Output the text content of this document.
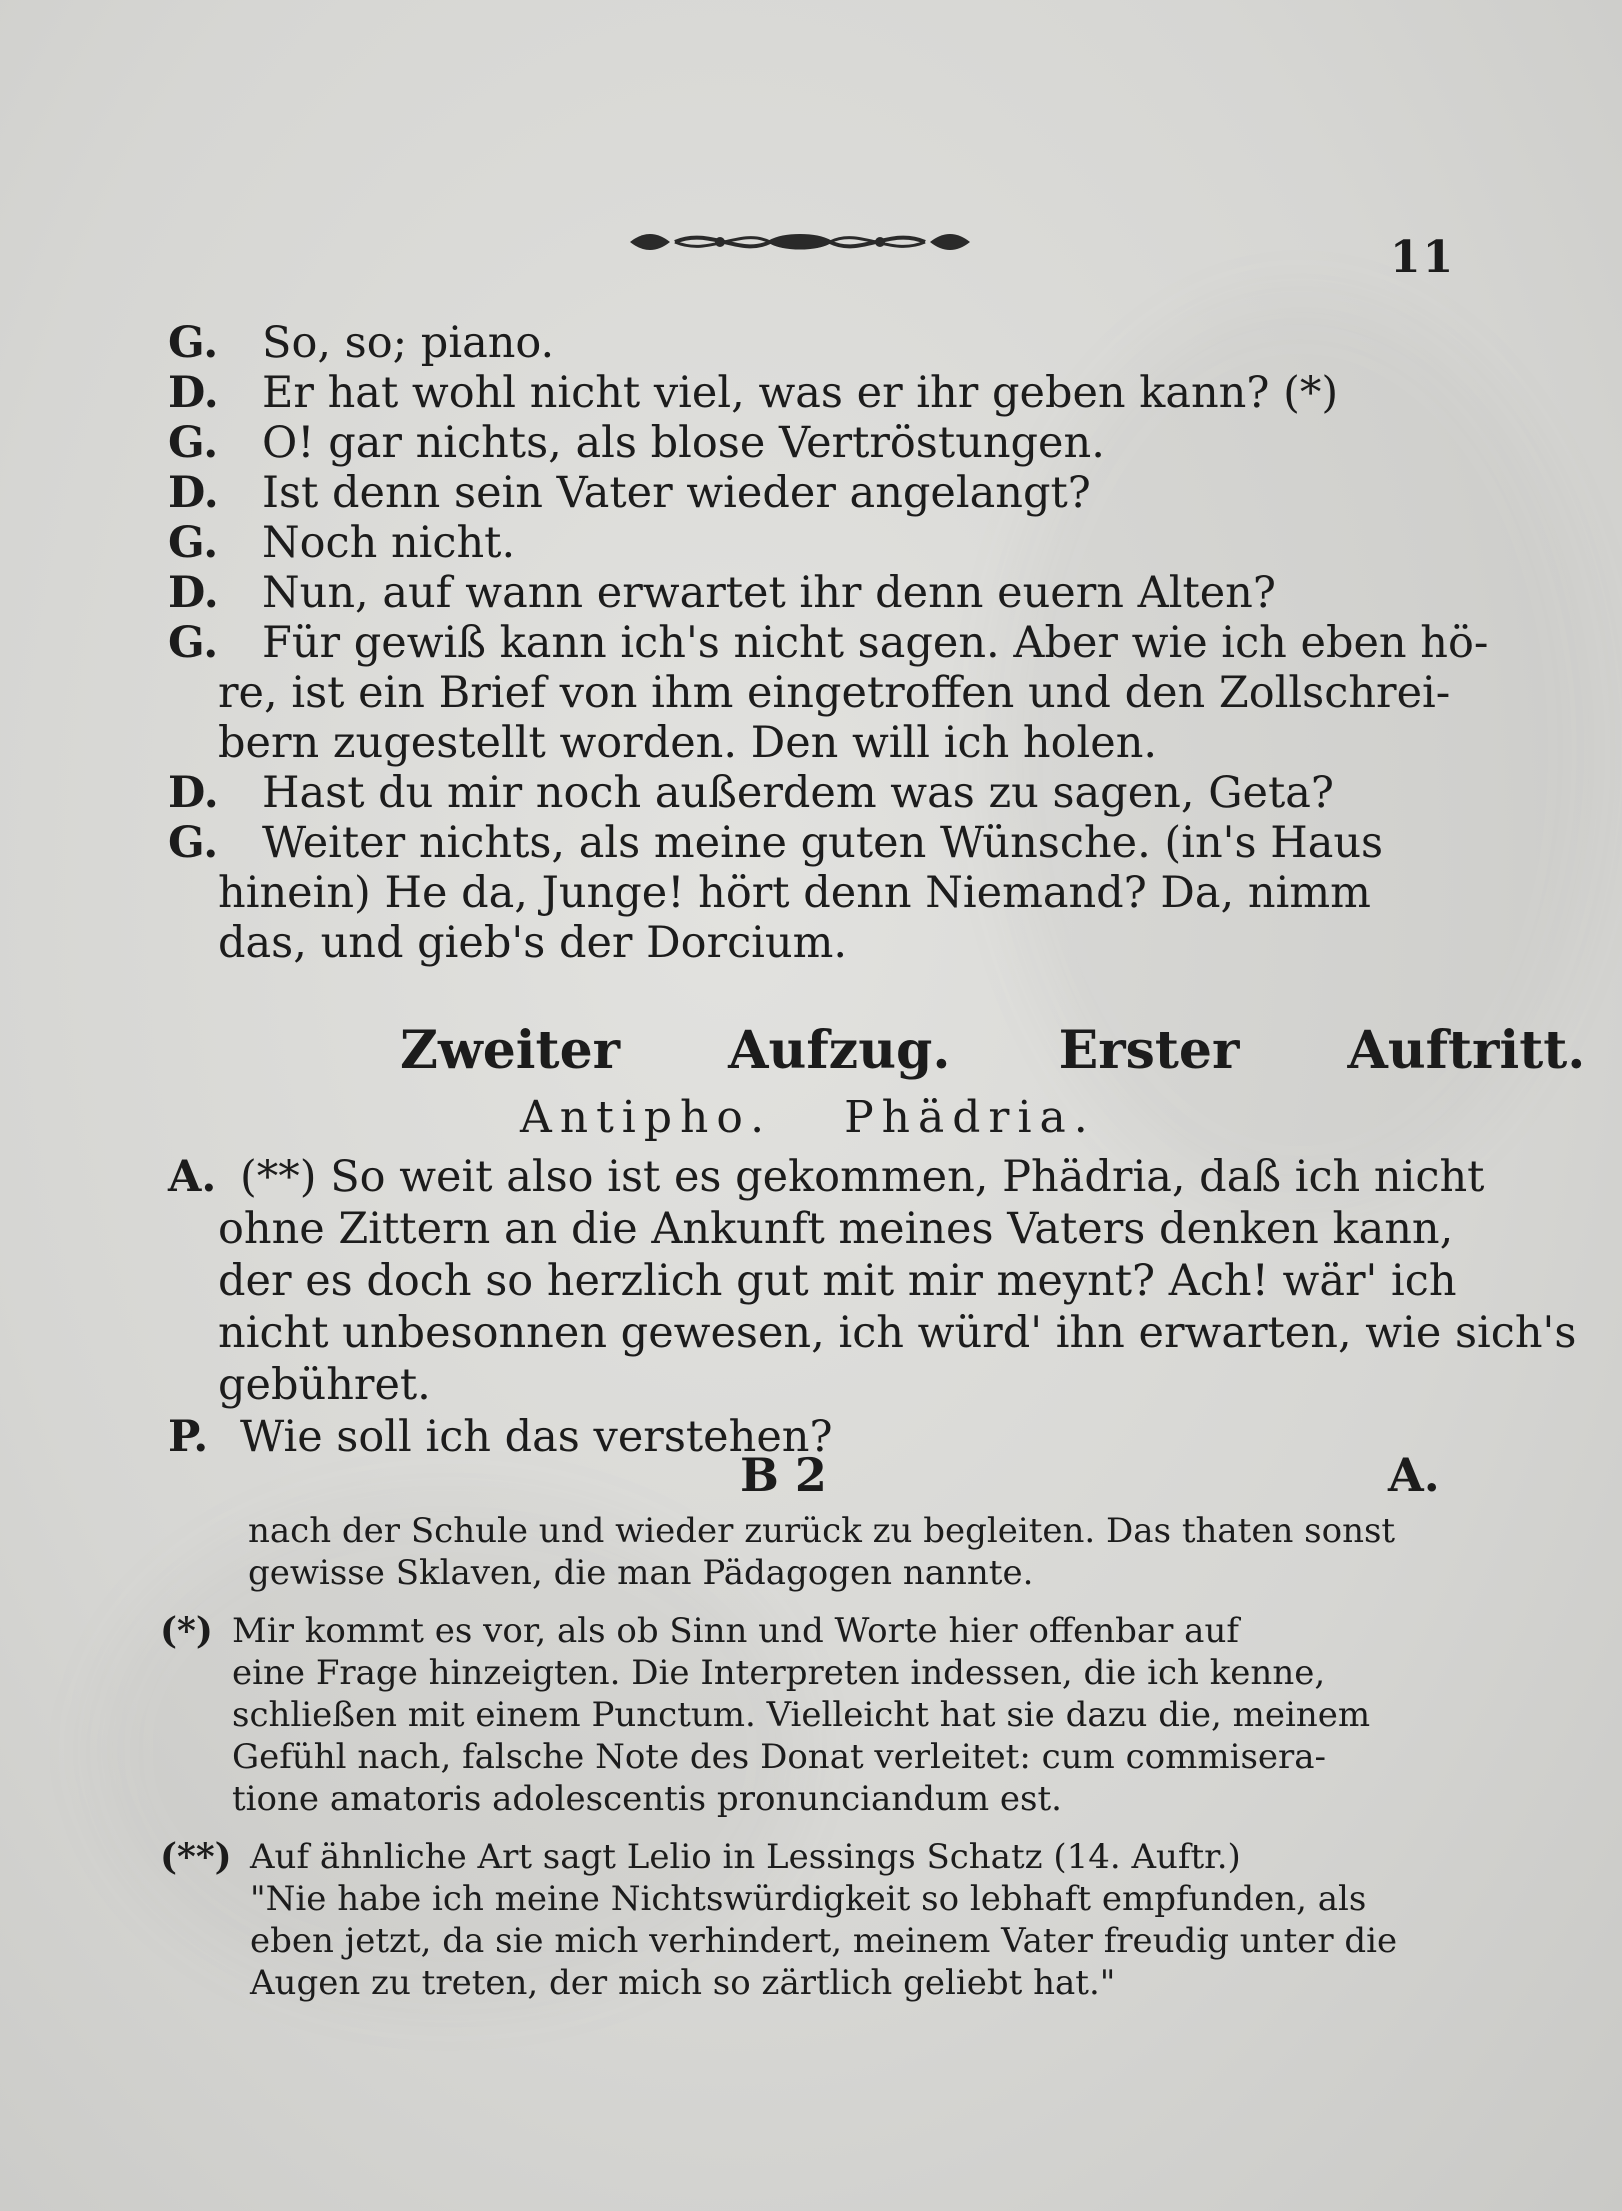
11
G. So, so; piano.
D. Er hat wohl nicht viel, was er ihr geben kann? (*)
G. O! gar nichts, als blose Vertröstungen.
D. Ist denn sein Vater wieder angelangt?
G. Noch nicht.
D. Nun, auf wann erwartet ihr denn euern Alten?
G. Für gewiß kann ich's nicht sagen. Aber wie ich eben hö-
re, ist ein Brief von ihm eingetroffen und den Zollschrei-
bern zugestellt worden. Den will ich holen.
D. Hast du mir noch außerdem was zu sagen, Geta?
G. Weiter nichts, als meine guten Wünsche. (in's Haus
hinein) He da, Junge! hört denn Niemand? Da, nimm
das, und gieb's der Dorcium.
Zweiter Aufzug. Erster Auftritt.
Antipho. Phädria.
A. (**) So weit also ist es gekommen, Phädria, daß ich nicht
ohne Zittern an die Ankunft meines Vaters denken kann,
der es doch so herzlich gut mit mir meynt? Ach! wär' ich
nicht unbesonnen gewesen, ich würd' ihn erwarten, wie sich's
gebühret.
P. Wie soll ich das verstehen?
B 2	A.
nach der Schule und wieder zurück zu begleiten. Das thaten sonst
gewisse Sklaven, die man Pädagogen nannte.
(*) Mir kommt es vor, als ob Sinn und Worte hier offenbar auf
eine Frage hinzeigten. Die Interpreten indessen, die ich kenne,
schließen mit einem Punctum. Vielleicht hat sie dazu die, meinem
Gefühl nach, falsche Note des Donat verleitet: cum commisera-
tione amatoris adolescentis pronunciandum est.
(**) Auf ähnliche Art sagt Lelio in Lessings Schatz (14. Auftr.)
"Nie habe ich meine Nichtswürdigkeit so lebhaft empfunden, als
eben jetzt, da sie mich verhindert, meinem Vater freudig unter die
Augen zu treten, der mich so zärtlich geliebt hat."
